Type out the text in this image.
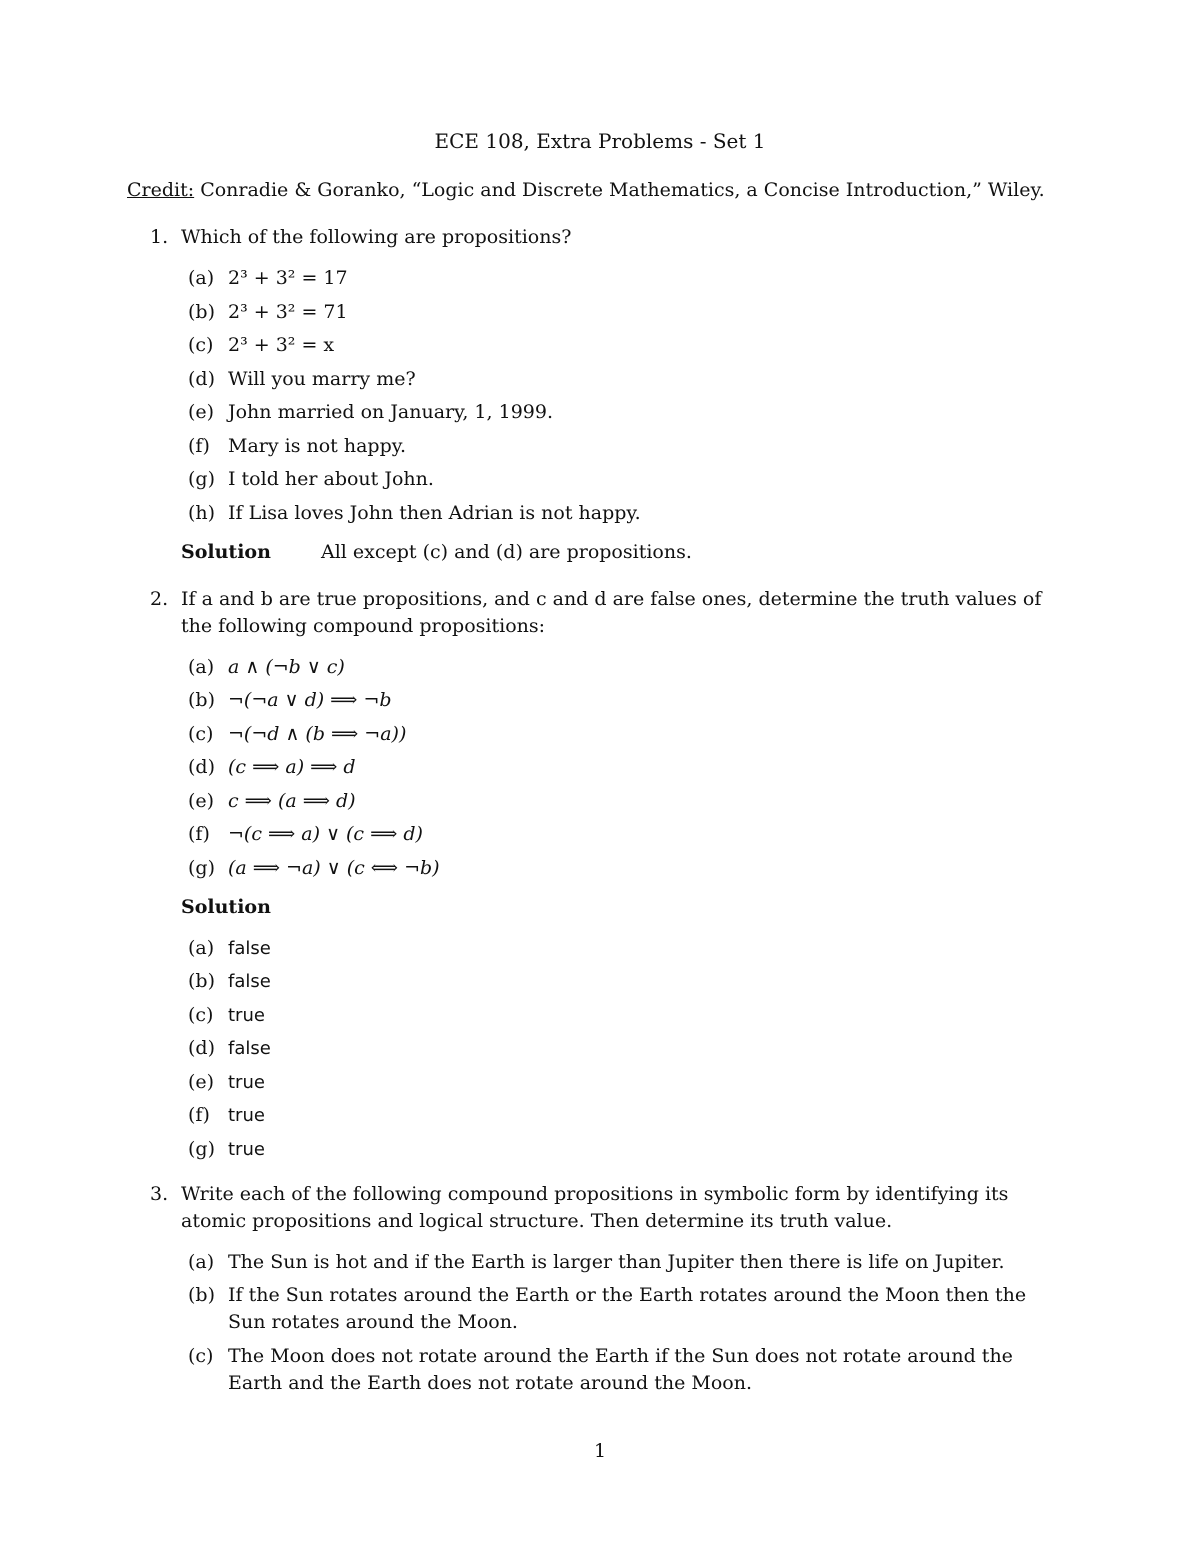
ECE 108, Extra Problems - Set 1
Credit: Conradie & Goranko, “Logic and Discrete Mathematics, a Concise Introduction,” Wiley.
1. Which of the following are propositions?

(a) 2³ + 3² = 17
(b) 2³ + 3² = 71
(c) 2³ + 3² = x
(d) Will you marry me?
(e) John married on January, 1, 1999.
(f) Mary is not happy.
(g) I told her about John.
(h) If Lisa loves John then Adrian is not happy.
Solution	All except (c) and (d) are propositions.
2. If a and b are true propositions, and c and d are false ones, determine the truth values of the following compound propositions:

(a) a ∧ (¬b ∨ c)
(b) ¬(¬a ∨ d) ⟹ ¬b
(c) ¬(¬d ∧ (b ⟹ ¬a))
(d) (c ⟹ a) ⟹ d
(e) c ⟹ (a ⟹ d)
(f) ¬(c ⟹ a) ∨ (c ⟹ d)
(g) (a ⟹ ¬a) ∨ (c ⟺ ¬b)
Solution
(a) false
(b) false
(c) true
(d) false
(e) true
(f)	true
(g) true
3. Write each of the following compound propositions in symbolic form by identifying its atomic propositions and logical structure. Then determine its truth value.

(a) The Sun is hot and if the Earth is larger than Jupiter then there is life on Jupiter.
(b) If the Sun rotates around the Earth or the Earth rotates around the Moon then the Sun rotates around the Moon.
(c) The Moon does not rotate around the Earth if the Sun does not rotate around the Earth and the Earth does not rotate around the Moon.
1
